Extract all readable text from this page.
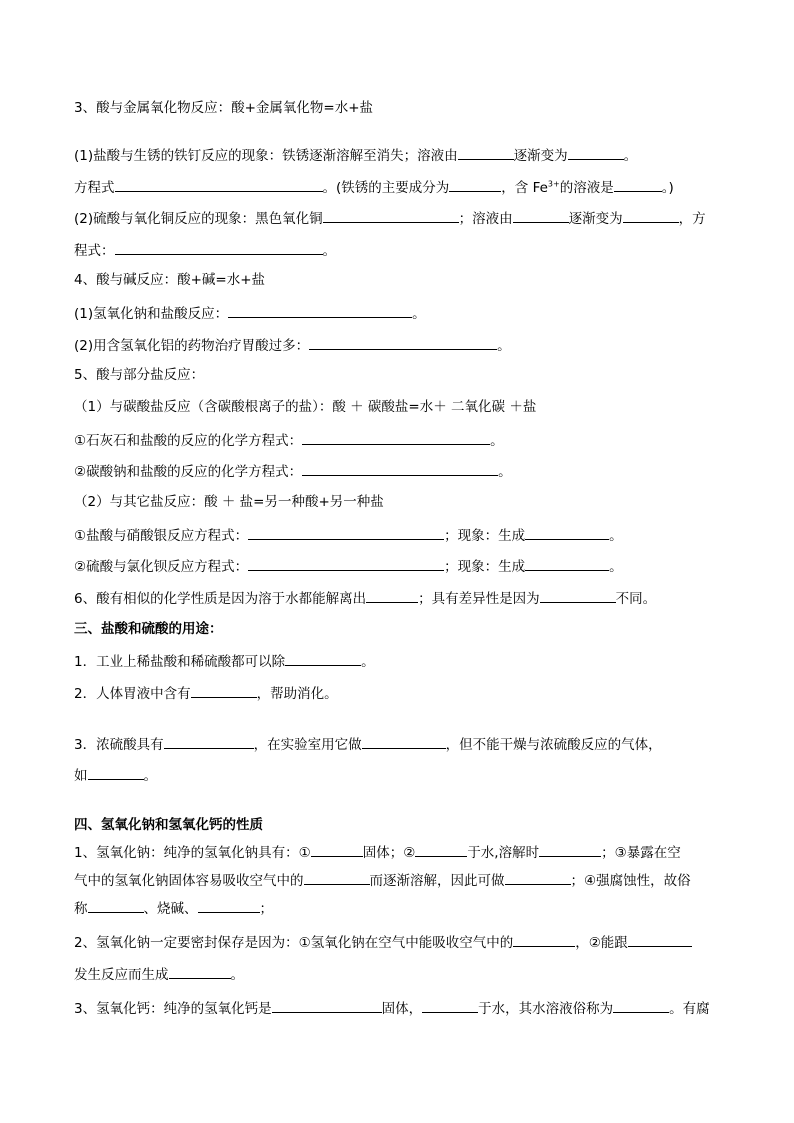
3、酸与金属氧化物反应：酸+金属氧化物=水+盐
(1)盐酸与生锈的铁钉反应的现象：铁锈逐渐溶解至消失；溶液由	逐渐变为	。
方程式	。(铁锈的主要成分为	，含 $Fe^{3+}$的溶液是	。)
(2)硫酸与氧化铜反应的现象：黑色氧化铜	；溶液由	逐渐变为	，方
程式：	。
4、酸与碱反应：酸+碱=水+盐
(1)氢氧化钠和盐酸反应：	。
(2)用含氢氧化铝的药物治疗胃酸过多：	。
5、酸与部分盐反应：
（1）与碳酸盐反应（含碳酸根离子的盐）：酸 ＋ 碳酸盐=水＋ 二氧化碳 ＋盐
①石灰石和盐酸的反应的化学方程式：	。
②碳酸钠和盐酸的反应的化学方程式：	。
（2）与其它盐反应：酸 ＋ 盐=另一种酸+另一种盐
①盐酸与硝酸银反应方程式：	；现象：生成	。
②硫酸与氯化钡反应方程式：	；现象：生成	。
6、酸有相似的化学性质是因为溶于水都能解离出	；具有差异性是因为	不同。
三、盐酸和硫酸的用途：
1．工业上稀盐酸和稀硫酸都可以除	。
2．人体胃液中含有	，帮助消化。
3．浓硫酸具有	，在实验室用它做	，但不能干燥与浓硫酸反应的气体，
如	。
四、氢氧化钠和氢氧化钙的性质
1、氢氧化钠：纯净的氢氧化钠具有：①	固体；②	于水,溶解时	；③暴露在空
气中的氢氧化钠固体容易吸收空气中的	而逐渐溶解，因此可做	；④强腐蚀性，故俗
称	、烧碱、	；
2、氢氧化钠一定要密封保存是因为：①氢氧化钠在空气中能吸收空气中的	，②能跟
发生反应而生成	。
3、氢氧化钙：纯净的氢氧化钙是	固体，	于水，其水溶液俗称为	。有腐
